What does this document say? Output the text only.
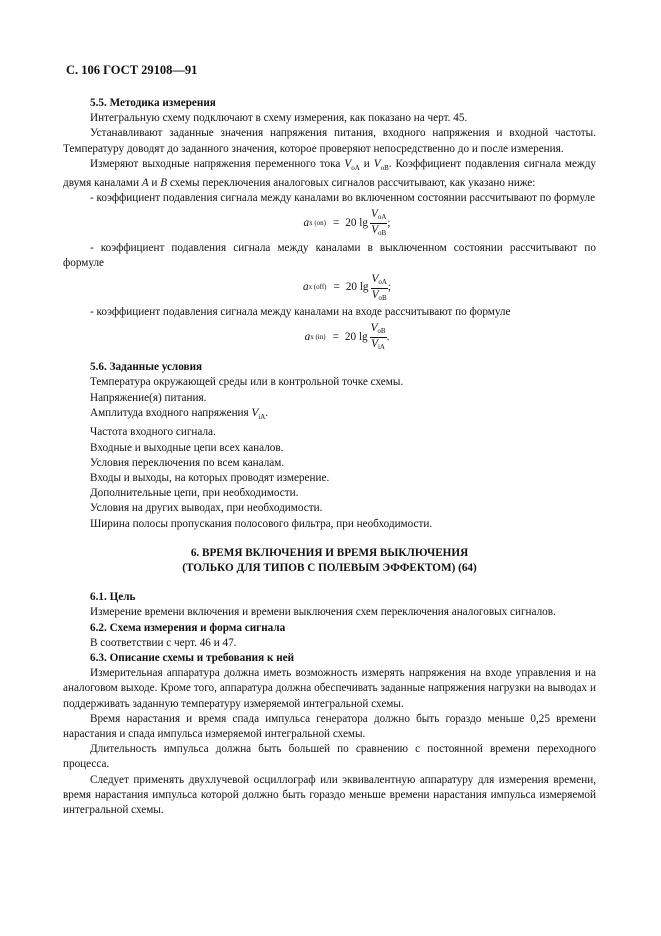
С. 106 ГОСТ 29108—91

5.5. Методика измерения

Интегральную схему подключают в схему измерения, как показано на черт. 45.

Устанавливают заданные значения напряжения питания, входного напряжения и входной частоты. Температуру доводят до заданного значения, которое проверяют непосредственно до и после измерения.

Измеряют выходные напряжения переменного тока $V_{oA}$ и $V_{oB}$. Коэффициент подавления сигнала между двумя каналами A и B схемы переключения аналоговых сигналов рассчитывают, как указано ниже:

- коэффициент подавления сигнала между каналами во включенном состоянии рассчитывают по формуле

a x (on) = 20 $\lg \frac{V_{oA}}{V_{oB}}$ ;

- коэффициент подавления сигнала между каналами в выключенном состоянии рассчитывают по формуле

a x (off) = 20 $\lg \frac{V_{oA}}{V_{oB}}$ ;

- коэффициент подавления сигнала между каналами на входе рассчитывают по формуле

a x (in) = 20 $\lg \frac{V_{oB}}{V_{iA}}$ .

5.6. Заданные условия

Температура окружающей среды или в контрольной точке схемы.

Напряжение(я) питания.

Амплитуда входного напряжения $V_{iA}$.

Частота входного сигнала.

Входные и выходные цепи всех каналов.

Условия переключения по всем каналам.

Входы и выходы, на которых проводят измерение.

Дополнительные цепи, при необходимости.

Условия на других выводах, при необходимости.

Ширина полосы пропускания полосового фильтра, при необходимости.

6. ВРЕМЯ ВКЛЮЧЕНИЯ И ВРЕМЯ ВЫКЛЮЧЕНИЯ
(ТОЛЬКО ДЛЯ ТИПОВ С ПОЛЕВЫМ ЭФФЕКТОМ) (64)

6.1. Цель

Измерение времени включения и времени выключения схем переключения аналоговых сигналов.

6.2. Схема измерения и форма сигнала

В соответствии с черт. 46 и 47.

6.3. Описание схемы и требования к ней

Измерительная аппаратура должна иметь возможность измерять напряжения на входе управления и на аналоговом выходе. Кроме того, аппаратура должна обеспечивать заданные напряжения нагрузки на выводах и поддерживать заданную температуру измеряемой интегральной схемы.

Время нарастания и время спада импульса генератора должно быть гораздо меньше 0,25 времени нарастания и спада импульса измеряемой интегральной схемы.

Длительность импульса должна быть большей по сравнению с постоянной времени переходного процесса.

Следует применять двухлучевой осциллограф или эквивалентную аппаратуру для измерения времени, время нарастания импульса которой должно быть гораздо меньше времени нарастания импульса измеряемой интегральной схемы.
